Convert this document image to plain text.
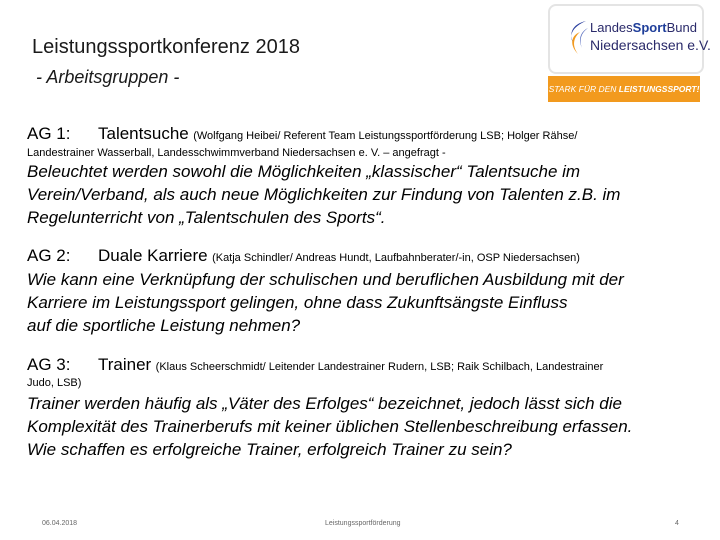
Leistungssportkonferenz 2018
- Arbeitsgruppen -
LandesSportBund
Niedersachsen e.V.
STARK FÜR DEN LEISTUNGSSPORT!
AG 1: Talentsuche (Wolfgang Heibei/ Referent Team Leistungssportförderung LSB; Holger Rähse/
Landestrainer Wasserball, Landesschwimmverband Niedersachsen e. V. – angefragt -
Beleuchtet werden sowohl die Möglichkeiten „klassischer“ Talentsuche im
Verein/Verband, als auch neue Möglichkeiten zur Findung von Talenten z.B. im
Regelunterricht von „Talentschulen des Sports“.
AG 2: Duale Karriere (Katja Schindler/ Andreas Hundt, Laufbahnberater/-in, OSP Niedersachsen)
Wie kann eine Verknüpfung der schulischen und beruflichen Ausbildung mit der
Karriere im Leistungssport gelingen, ohne dass Zukunftsängste Einfluss
auf die sportliche Leistung nehmen?
AG 3: Trainer (Klaus Scheerschmidt/ Leitender Landestrainer Rudern, LSB; Raik Schilbach, Landestrainer
Judo, LSB)
Trainer werden häufig als „Väter des Erfolges“ bezeichnet, jedoch lässt sich die
Komplexität des Trainerberufs mit keiner üblichen Stellenbeschreibung erfassen.
Wie schaffen es erfolgreiche Trainer, erfolgreich Trainer zu sein?
06.04.2018	Leistungssportförderung	4
